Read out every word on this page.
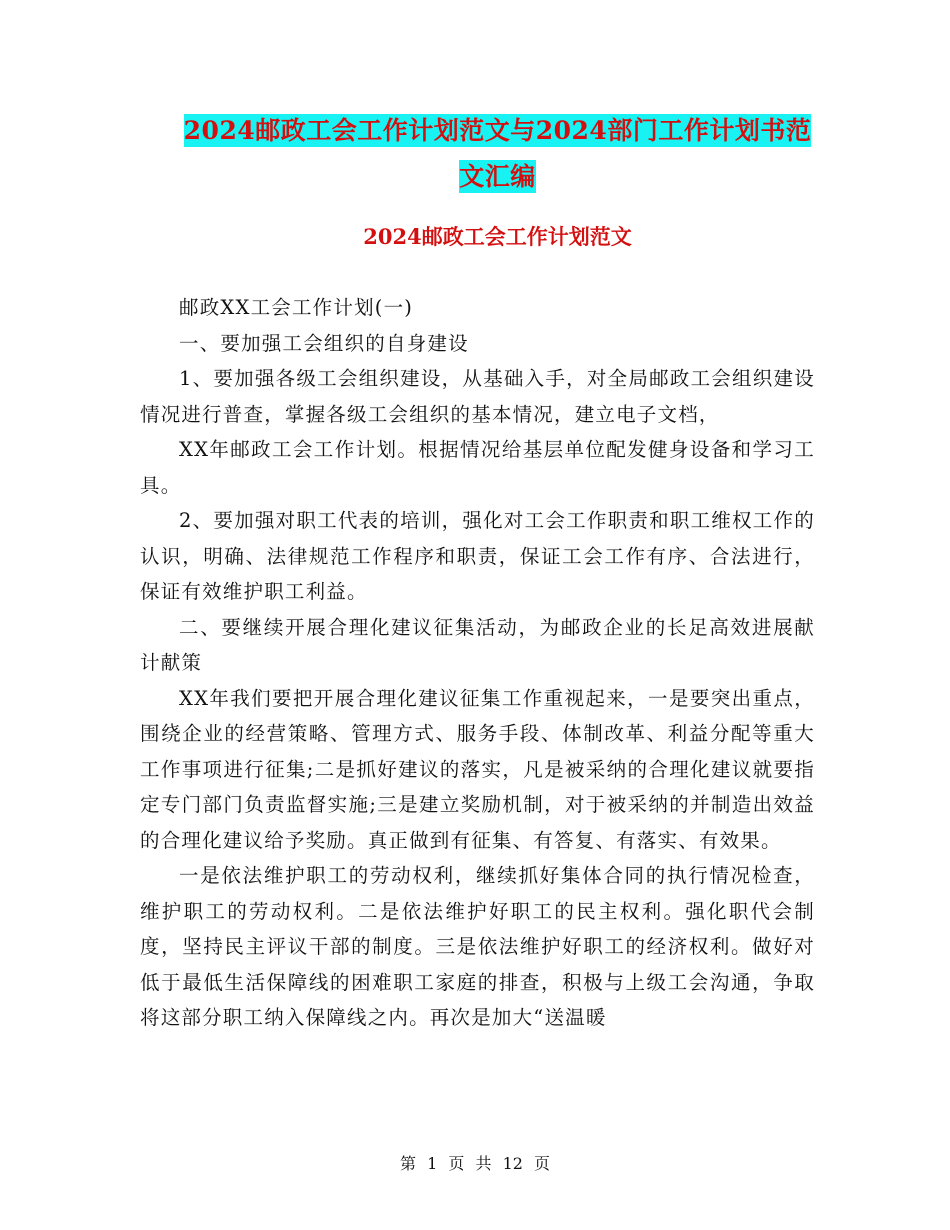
2024邮政工会工作计划范文与2024部门工作计划书范
文汇编
2024邮政工会工作计划范文

邮政XX工会工作计划(一)

一、要加强工会组织的自身建设

1、要加强各级工会组织建设，从基础入手，对全局邮政工会组织建设情况进行普查，掌握各级工会组织的基本情况，建立电子文档，

XX年邮政工会工作计划。根据情况给基层单位配发健身设备和学习工具。

2、要加强对职工代表的培训，强化对工会工作职责和职工维权工作的认识，明确、法律规范工作程序和职责，保证工会工作有序、合法进行，保证有效维护职工利益。

二、要继续开展合理化建议征集活动，为邮政企业的长足高效进展献计献策

XX年我们要把开展合理化建议征集工作重视起来，一是要突出重点，围绕企业的经营策略、管理方式、服务手段、体制改革、利益分配等重大工作事项进行征集;二是抓好建议的落实，凡是被采纳的合理化建议就要指定专门部门负责监督实施;三是建立奖励机制，对于被采纳的并制造出效益的合理化建议给予奖励。真正做到有征集、有答复、有落实、有效果。

一是依法维护职工的劳动权利，继续抓好集体合同的执行情况检查，维护职工的劳动权利。二是依法维护好职工的民主权利。强化职代会制度，坚持民主评议干部的制度。三是依法维护好职工的经济权利。做好对低于最低生活保障线的困难职工家庭的排查，积极与上级工会沟通，争取将这部分职工纳入保障线之内。再次是加大“送温暖

第 1 页 共 12 页
